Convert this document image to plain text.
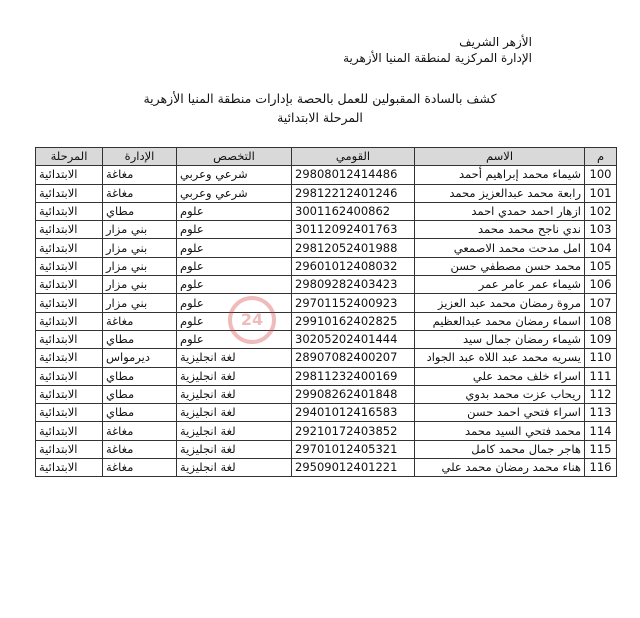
الأزهر الشريف
الإدارة المركزية لمنطقة المنيا الأزهرية
كشف بالسادة المقبولين للعمل بالحصة بإدارات منطقة المنيا الأزهرية
المرحلة الابتدائية
م	الاسم	القومي	التخصص	الإدارة	المرحلة
100	شيماء محمد إبراهيم أحمد	29808012414486	شرعي وعربي	مغاغة	الابتدائية
101	رابعة محمد عبدالعزيز محمد	29812212401246	شرعي وعربي	مغاغة	الابتدائية
102	ازهار احمد حمدي احمد	3001162400862	علوم	مطاي	الابتدائية
103	ندي ناجح محمد محمد	30112092401763	علوم	بني مزار	الابتدائية
104	امل مدحت محمد الاصمعي	29812052401988	علوم	بني مزار	الابتدائية
105	محمد حسن مصطفي حسن	29601012408032	علوم	بني مزار	الابتدائية
106	شيماء عمر عامر عمر	29809282403423	علوم	بني مزار	الابتدائية
107	مروة رمضان محمد عبد العزيز	29701152400923	علوم	بني مزار	الابتدائية
108	اسماء رمضان محمد عبدالعظيم	29910162402825	علوم	مغاغة	الابتدائية
109	شيماء رمضان جمال سيد	30205202401444	علوم	مطاي	الابتدائية
110	يسريه محمد عبد اللاه عبد الجواد	28907082400207	لغة انجليزية	ديرمواس	الابتدائية
111	اسراء خلف محمد علي	29811232400169	لغة انجليزية	مطاي	الابتدائية
112	ريحاب عزت محمد بدوي	29908262401848	لغة انجليزية	مطاي	الابتدائية
113	اسراء فتحي احمد حسن	29401012416583	لغة انجليزية	مطاي	الابتدائية
114	محمد فتحي السيد محمد	29210172403852	لغة انجليزية	مغاغة	الابتدائية
115	هاجر جمال محمد كامل	29701012405321	لغة انجليزية	مغاغة	الابتدائية
116	هناء محمد رمضان محمد علي	29509012401221	لغة انجليزية	مغاغة	الابتدائية
24
